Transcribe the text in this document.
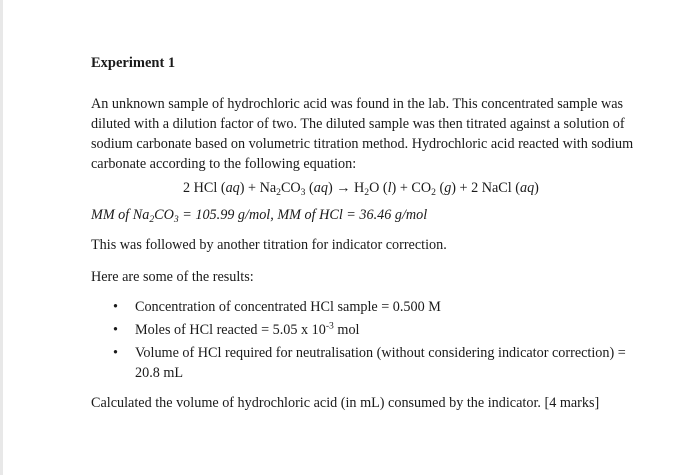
Experiment 1

An unknown sample of hydrochloric acid was found in the lab. This concentrated sample was diluted with a dilution factor of two. The diluted sample was then titrated against a solution of sodium carbonate based on volumetric titration method. Hydrochloric acid reacted with sodium carbonate according to the following equation:

2 HCl $(aq) + Na_2CO_3$ $(aq) \to H_2O$ $(l) + CO_2$ (g) + 2 NaCl (aq)

MM of $Na_2CO_3 = 105.99$ g/mol, MM of HCl = 36.46 g/mol

This was followed by another titration for indicator correction.

Here are some of the results:

• Concentration of concentrated HCl sample = 0.500 M
• Moles of HCl reacted = 5.05 x $10^{-3}$ mol
• Volume of HCl required for neutralisation (without considering indicator correction) = 20.8 mL

Calculated the volume of hydrochloric acid (in mL) consumed by the indicator. [4 marks]
